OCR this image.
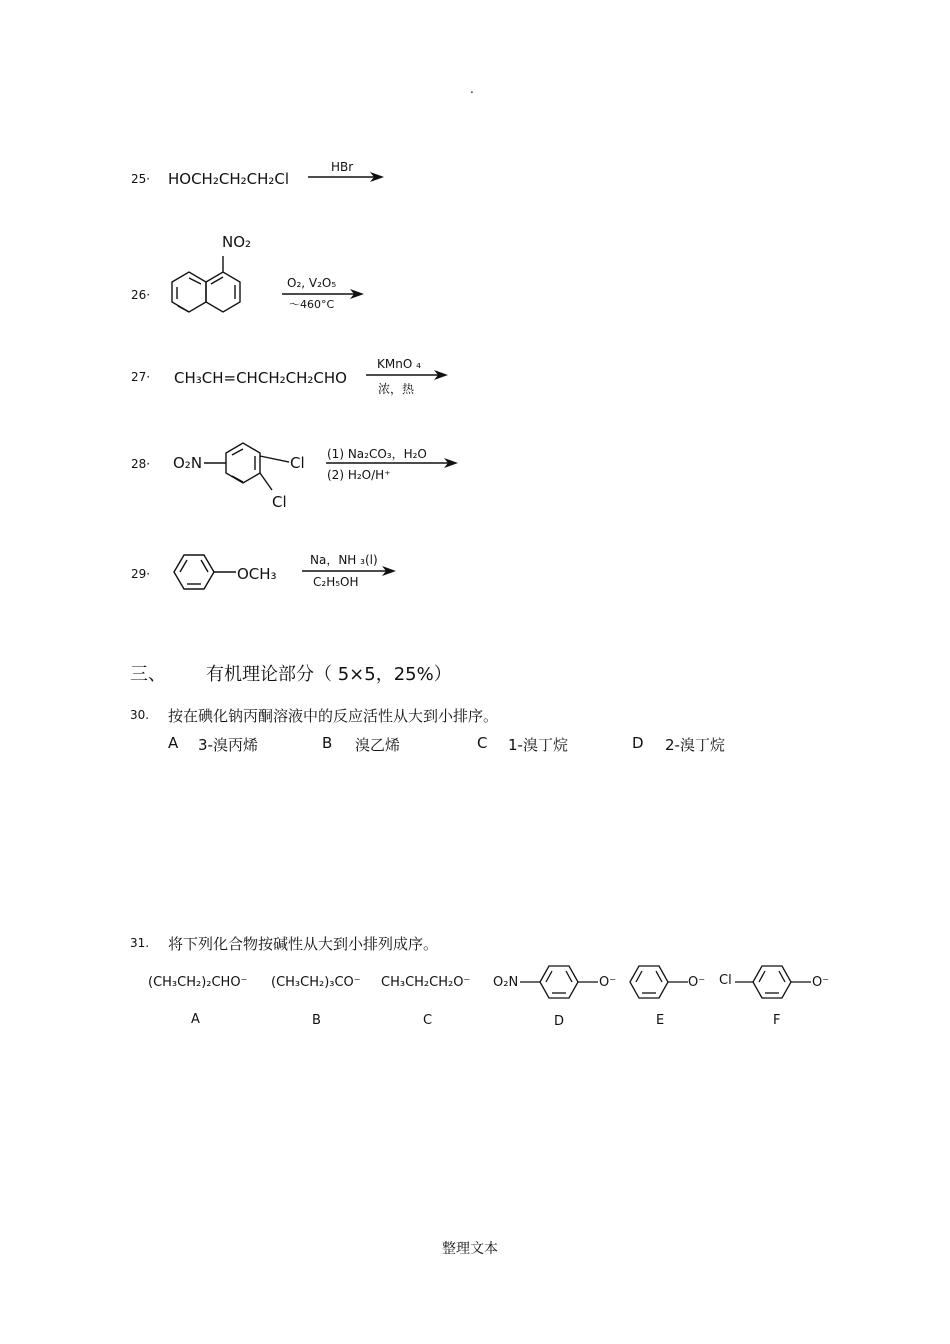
.
25· HOCH₂CH₂CH₂Cl
HBr
26·
NO₂
O₂, V₂O₅
～460°C
27· CH₃CH=CHCH₂CH₂CHO
KMnO ₄
浓，热
28· O₂N	Cl
Cl
(1) Na₂CO₃，H₂O
(2) H₂O/H⁺
29·	OCH₃
Na，NH ₃(l)
C₂H₅OH
三、 有机理论部分（ 5×5，25%）
30. 按在碘化钠丙酮溶液中的反应活性从大到小排序。
A 3-溴丙烯	B 溴乙烯	C 1-溴丁烷	D 2-溴丁烷
31. 将下列化合物按碱性从大到小排列成序。
(CH₃CH₂)₂CHO⁻ (CH₃CH₂)₃CO⁻ CH₃CH₂CH₂O⁻ O₂N	O⁻	O⁻ Cl	O⁻
A	B	C	D	E	F
整理文本
